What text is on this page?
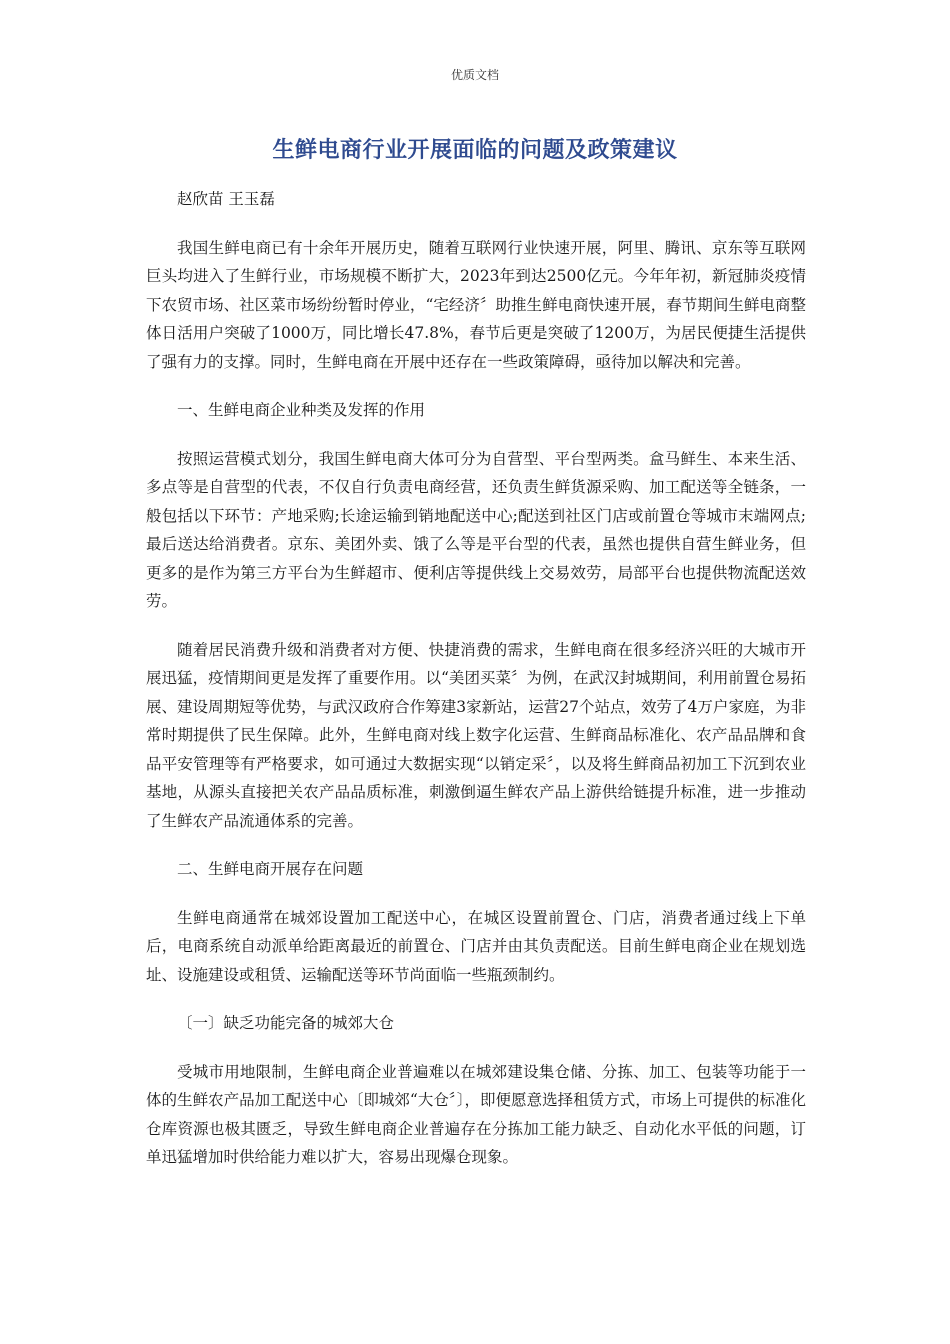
优质文档
生鲜电商行业开展面临的问题及政策建议

赵欣苗 王玉磊

我国生鲜电商已有十余年开展历史，随着互联网行业快速开展，阿里、腾讯、京东等互联网巨头均进入了生鲜行业，市场规模不断扩大，2023年到达2500亿元。今年年初，新冠肺炎疫情下农贸市场、社区菜市场纷纷暂时停业，“宅经济〞助推生鲜电商快速开展，春节期间生鲜电商整体日活用户突破了1000万，同比增长47.8%，春节后更是突破了1200万，为居民便捷生活提供了强有力的支撑。同时，生鲜电商在开展中还存在一些政策障碍，亟待加以解决和完善。

一、生鲜电商企业种类及发挥的作用

按照运营模式划分，我国生鲜电商大体可分为自营型、平台型两类。盒马鲜生、本来生活、多点等是自营型的代表，不仅自行负责电商经营，还负责生鲜货源采购、加工配送等全链条，一般包括以下环节：产地采购;长途运输到销地配送中心;配送到社区门店或前置仓等城市末端网点;最后送达给消费者。京东、美团外卖、饿了么等是平台型的代表，虽然也提供自营生鲜业务，但更多的是作为第三方平台为生鲜超市、便利店等提供线上交易效劳，局部平台也提供物流配送效劳。

随着居民消费升级和消费者对方便、快捷消费的需求，生鲜电商在很多经济兴旺的大城市开展迅猛，疫情期间更是发挥了重要作用。以“美团买菜〞为例，在武汉封城期间，利用前置仓易拓展、建设周期短等优势，与武汉政府合作筹建3家新站，运营27个站点，效劳了4万户家庭，为非常时期提供了民生保障。此外，生鲜电商对线上数字化运营、生鲜商品标准化、农产品品牌和食品平安管理等有严格要求，如可通过大数据实现“以销定采〞，以及将生鲜商品初加工下沉到农业基地，从源头直接把关农产品品质标准，刺激倒逼生鲜农产品上游供给链提升标准，进一步推动了生鲜农产品流通体系的完善。

二、生鲜电商开展存在问题

生鲜电商通常在城郊设置加工配送中心，在城区设置前置仓、门店，消费者通过线上下单后，电商系统自动派单给距离最近的前置仓、门店并由其负责配送。目前生鲜电商企业在规划选址、设施建设或租赁、运输配送等环节尚面临一些瓶颈制约。

〔一〕缺乏功能完备的城郊大仓

受城市用地限制，生鲜电商企业普遍难以在城郊建设集仓储、分拣、加工、包装等功能于一体的生鲜农产品加工配送中心〔即城郊“大仓〞〕，即便愿意选择租赁方式，市场上可提供的标准化仓库资源也极其匮乏，导致生鲜电商企业普遍存在分拣加工能力缺乏、自动化水平低的问题，订单迅猛增加时供给能力难以扩大，容易出现爆仓现象。
